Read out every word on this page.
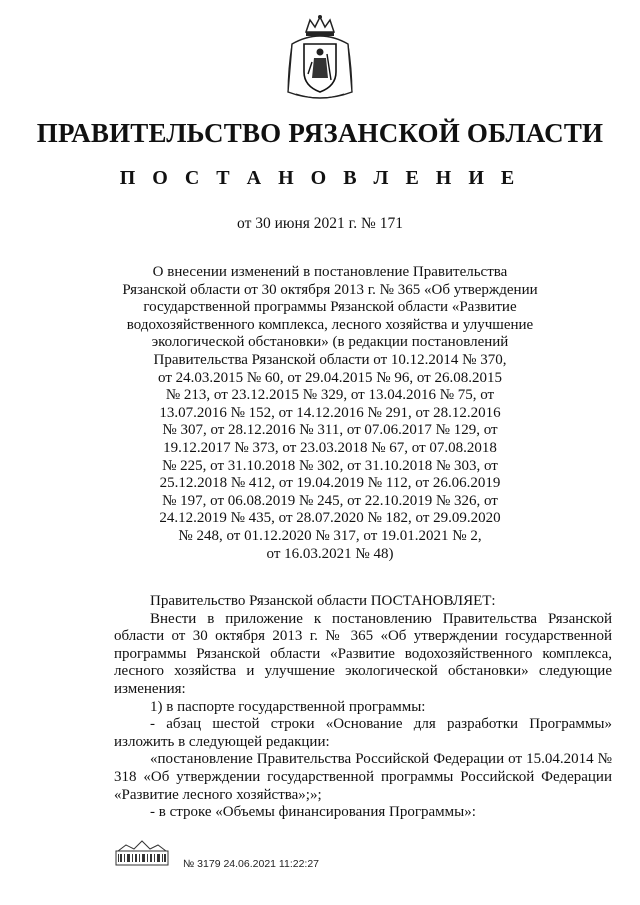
ПРАВИТЕЛЬСТВО РЯЗАНСКОЙ ОБЛАСТИ
П О С Т А Н О В Л Е Н И Е
от 30 июня 2021 г. № 171
О внесении изменений в постановление Правительства
Рязанской области от 30 октября 2013 г. № 365 «Об утверждении
государственной программы Рязанской области «Развитие
водохозяйственного комплекса, лесного хозяйства и улучшение
экологической обстановки» (в редакции постановлений
Правительства Рязанской области от 10.12.2014 № 370,
от 24.03.2015 № 60, от 29.04.2015 № 96, от 26.08.2015
№ 213, от 23.12.2015 № 329, от 13.04.2016 № 75, от
13.07.2016 № 152, от 14.12.2016 № 291, от 28.12.2016
№ 307, от 28.12.2016 № 311, от 07.06.2017 № 129, от
19.12.2017 № 373, от 23.03.2018 № 67, от 07.08.2018
№ 225, от 31.10.2018 № 302, от 31.10.2018 № 303, от
25.12.2018 № 412, от 19.04.2019 № 112, от 26.06.2019
№ 197, от 06.08.2019 № 245, от 22.10.2019 № 326, от
24.12.2019 № 435, от 28.07.2020 № 182, от 29.09.2020
№ 248, от 01.12.2020 № 317, от 19.01.2021 № 2,
от 16.03.2021 № 48)

Правительство Рязанской области ПОСТАНОВЛЯЕТ:

Внести в приложение к постановлению Правительства Рязанской области от 30 октября 2013 г. № 365 «Об утверждении государственной программы Рязанской области «Развитие водохозяйственного комплекса, лесного хозяйства и улучшение экологической обстановки» следующие изменения:

1) в паспорте государственной программы:

- абзац шестой строки «Основание для разработки Программы» изложить в следующей редакции:

«постановление Правительства Российской Федерации от 15.04.2014 № 318 «Об утверждении государственной программы Российской Федерации «Развитие лесного хозяйства»;»;

- в строке «Объемы финансирования Программы»:

№ 3179 24.06.2021 11:22:27
